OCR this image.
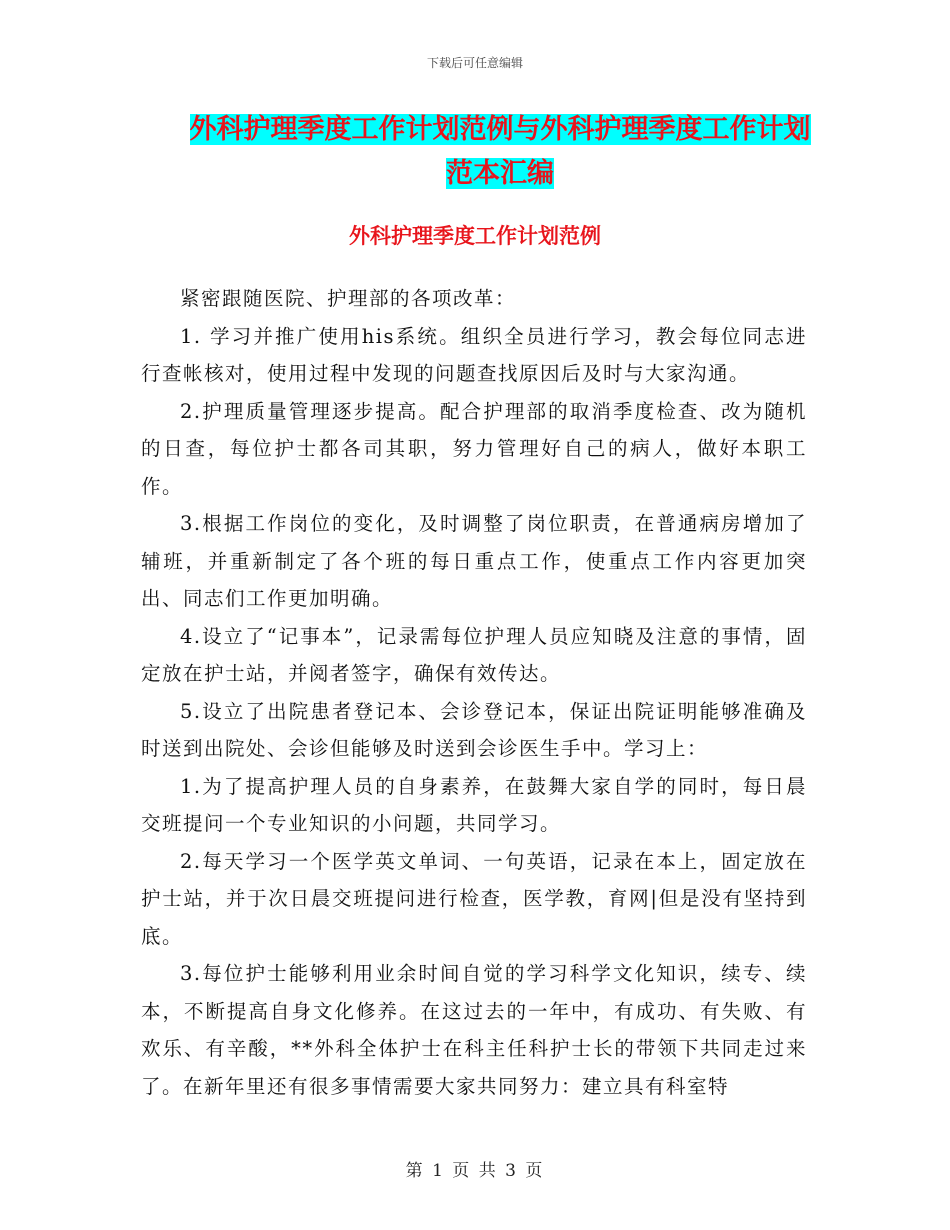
下载后可任意编辑
外科护理季度工作计划范例与外科护理季度工作计划
范本汇编
外科护理季度工作计划范例

紧密跟随医院、护理部的各项改革：

1. 学习并推广使用his系统。组织全员进行学习，教会每位同志进行查帐核对，使用过程中发现的问题查找原因后及时与大家沟通。

2.护理质量管理逐步提高。配合护理部的取消季度检查、改为随机的日查，每位护士都各司其职，努力管理好自己的病人，做好本职工作。

3.根据工作岗位的变化，及时调整了岗位职责，在普通病房增加了辅班，并重新制定了各个班的每日重点工作，使重点工作内容更加突出、同志们工作更加明确。

4.设立了“记事本”，记录需每位护理人员应知晓及注意的事情，固定放在护士站，并阅者签字，确保有效传达。

5.设立了出院患者登记本、会诊登记本，保证出院证明能够准确及时送到出院处、会诊但能够及时送到会诊医生手中。学习上：

1.为了提高护理人员的自身素养，在鼓舞大家自学的同时，每日晨交班提问一个专业知识的小问题，共同学习。

2.每天学习一个医学英文单词、一句英语，记录在本上，固定放在护士站，并于次日晨交班提问进行检查，医学教，育网|但是没有坚持到底。

3.每位护士能够利用业余时间自觉的学习科学文化知识，续专、续本，不断提高自身文化修养。在这过去的一年中，有成功、有失败、有欢乐、有辛酸，**外科全体护士在科主任科护士长的带领下共同走过来了。在新年里还有很多事情需要大家共同努力：建立具有科室特

第 1 页 共 3 页
